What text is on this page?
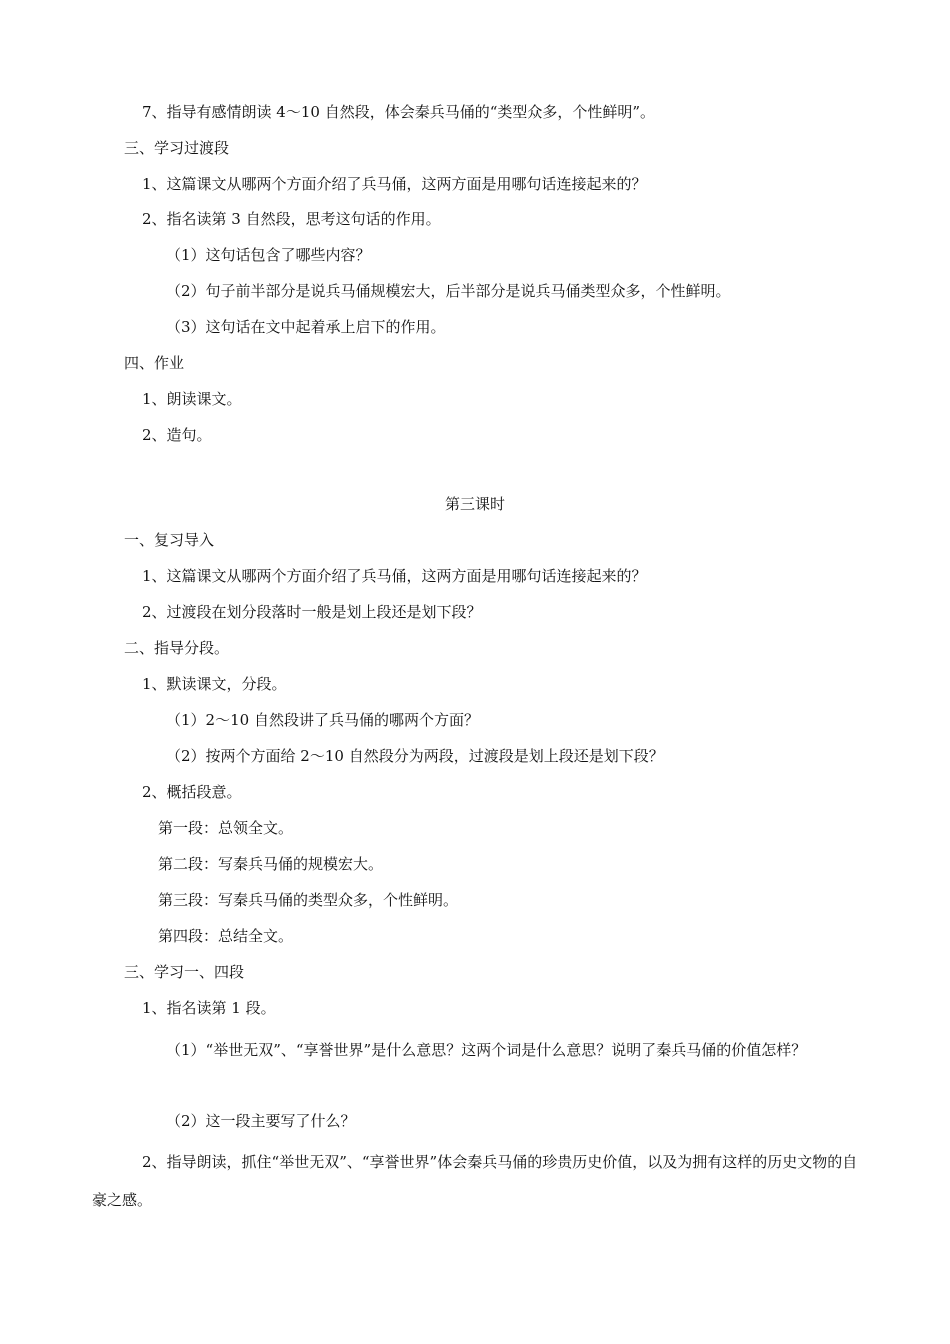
7、指导有感情朗读 4～10 自然段，体会秦兵马俑的“类型众多，个性鲜明”。
三、学习过渡段
1、这篇课文从哪两个方面介绍了兵马俑，这两方面是用哪句话连接起来的？
2、指名读第 3 自然段，思考这句话的作用。
（1）这句话包含了哪些内容？
（2）句子前半部分是说兵马俑规模宏大，后半部分是说兵马俑类型众多，个性鲜明。
（3）这句话在文中起着承上启下的作用。
四、作业
1、朗读课文。
2、造句。
第三课时
一、复习导入
1、这篇课文从哪两个方面介绍了兵马俑，这两方面是用哪句话连接起来的？
2、过渡段在划分段落时一般是划上段还是划下段？
二、指导分段。
1、默读课文，分段。
（1）2～10 自然段讲了兵马俑的哪两个方面？
（2）按两个方面给 2～10 自然段分为两段，过渡段是划上段还是划下段？
2、概括段意。
第一段：总领全文。
第二段：写秦兵马俑的规模宏大。
第三段：写秦兵马俑的类型众多，个性鲜明。
第四段：总结全文。
三、学习一、四段
1、指名读第 1 段。
（1）“举世无双”、“享誉世界”是什么意思？这两个词是什么意思？说明了秦兵马俑的价值怎样？
（2）这一段主要写了什么？
2、指导朗读，抓住“举世无双”、“享誉世界”体会秦兵马俑的珍贵历史价值，以及为拥有这样的历史文物的自豪之感。
